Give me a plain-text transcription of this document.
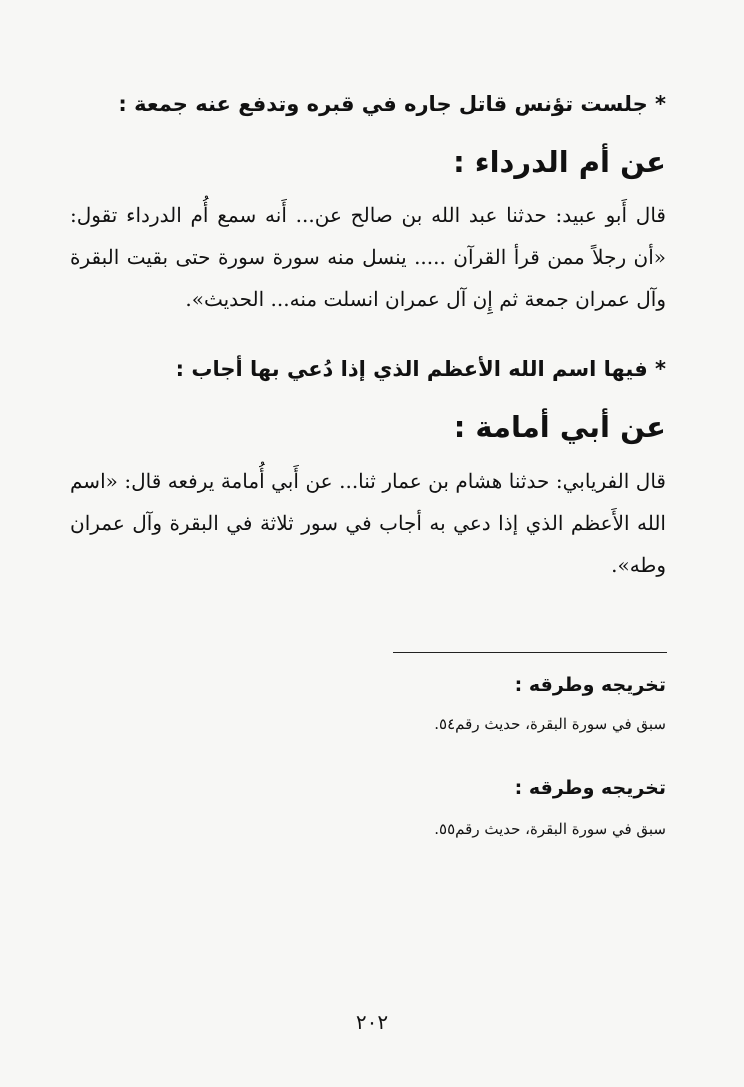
* جلست تؤنس قاتل جاره في قبره وتدفع عنه جمعة :
عن أم الدرداء :
قال أَبو عبيد: حدثنا عبد الله بن صالح عن... أَنه سمع أُم الدرداء تقول:
«أن رجلاً ممن قرأ القرآن ..... ينسل منه سورة سورة حتى بقيت البقرة
وآل عمران جمعة ثم إِن آل عمران انسلت منه... الحديث».
* فيها اسم الله الأعظم الذي إذا دُعي بها أجاب :
عن أبي أمامة :
قال الفريابي: حدثنا هشام بن عمار ثنا... عن أَبي أُمامة يرفعه قال: «اسم
الله الأَعظم الذي إذا دعي به أجاب في سور ثلاثة في البقرة وآل عمران
وطه».
تخريجه وطرقه :
سبق في سورة البقرة، حديث رقم٥٤.
تخريجه وطرقه :
سبق في سورة البقرة، حديث رقم٥٥.
٢٠٢
